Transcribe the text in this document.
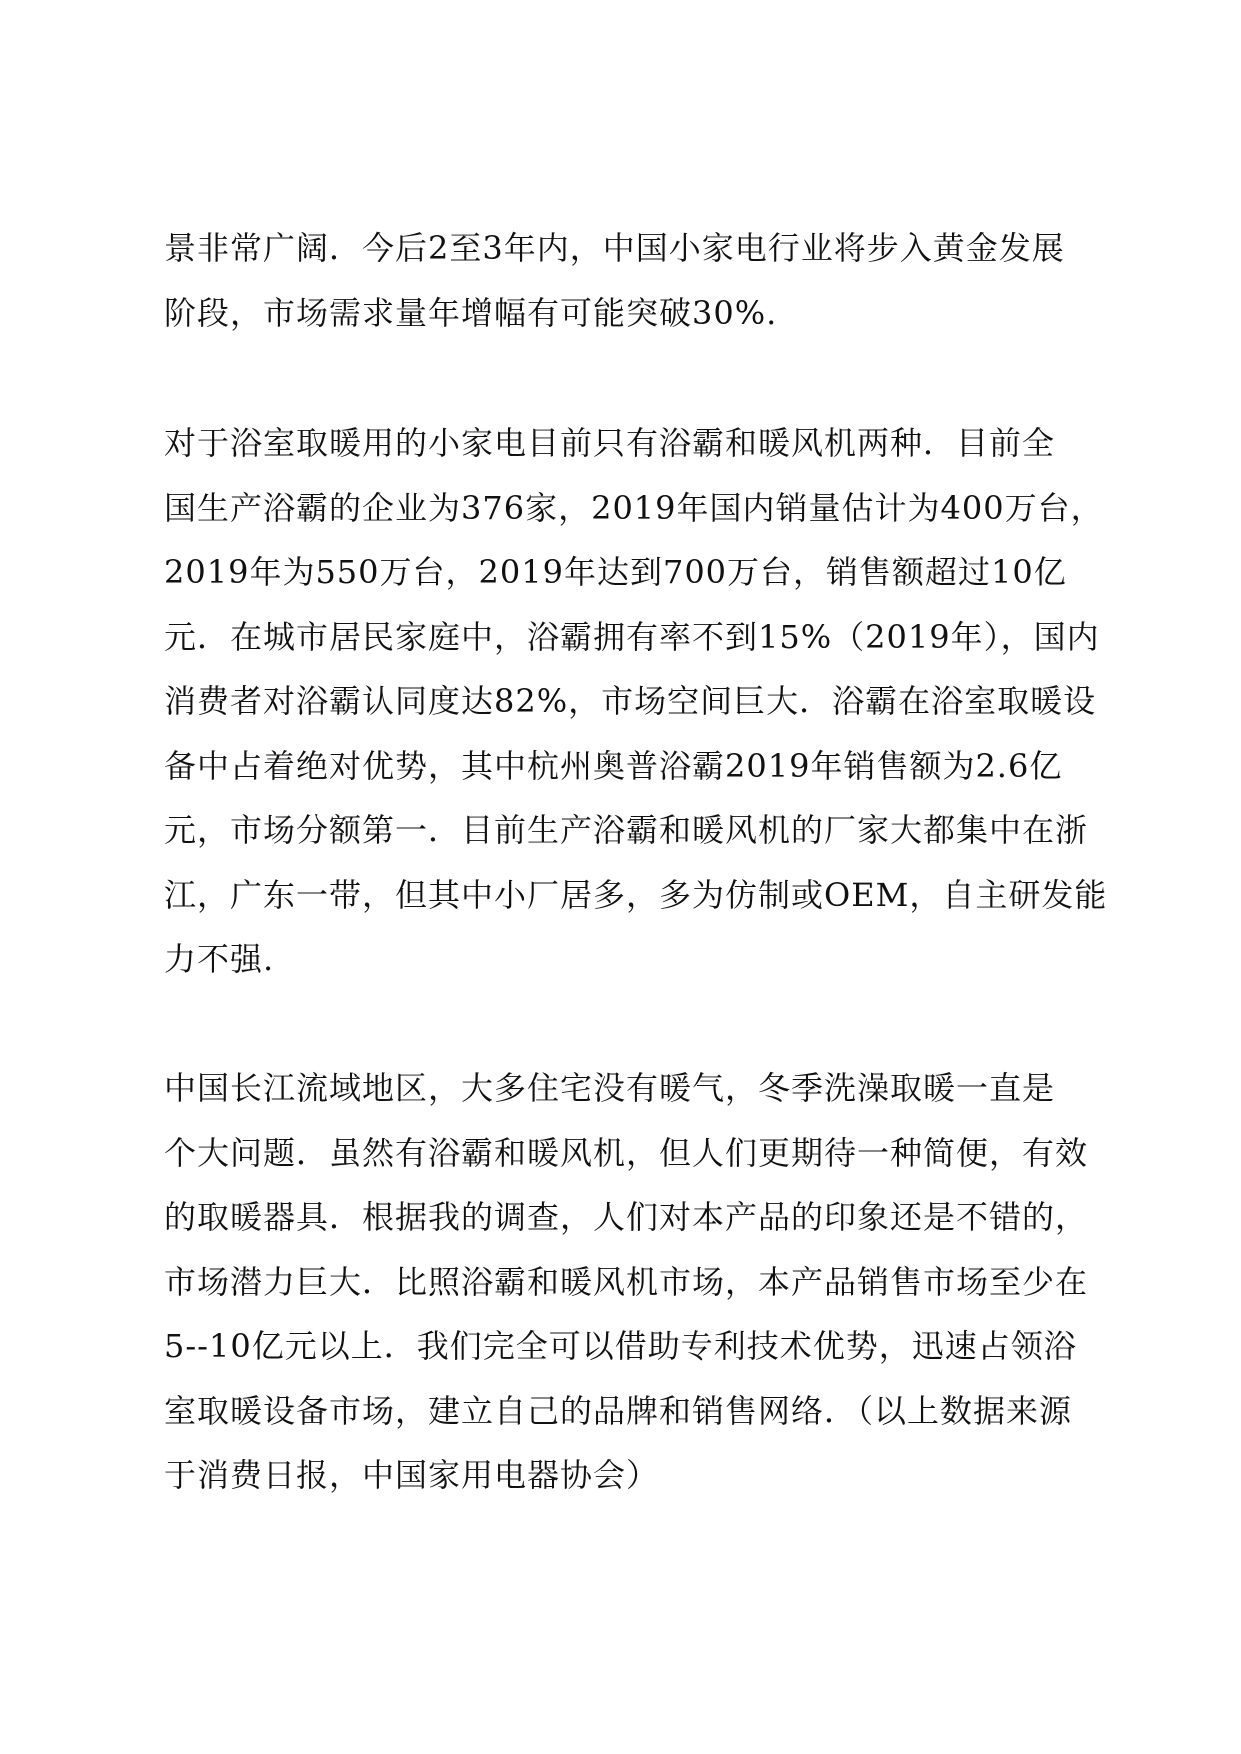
景非常广阔．今后2至3年内，中国小家电行业将步入黄金发展
阶段，市场需求量年增幅有可能突破30%.

对于浴室取暖用的小家电目前只有浴霸和暖风机两种．目前全
国生产浴霸的企业为376家，2019年国内销量估计为400万台，
2019年为550万台，2019年达到700万台，销售额超过10亿
元．在城市居民家庭中，浴霸拥有率不到15%（2019年），国内
消费者对浴霸认同度达82%，市场空间巨大．浴霸在浴室取暖设
备中占着绝对优势，其中杭州奥普浴霸2019年销售额为2.6亿
元，市场分额第一．目前生产浴霸和暖风机的厂家大都集中在浙
江，广东一带，但其中小厂居多，多为仿制或OEM，自主研发能
力不强.

中国长江流域地区，大多住宅没有暖气，冬季洗澡取暖一直是
个大问题．虽然有浴霸和暖风机，但人们更期待一种简便，有效
的取暖器具．根据我的调查，人们对本产品的印象还是不错的，
市场潜力巨大．比照浴霸和暖风机市场，本产品销售市场至少在
5--10亿元以上．我们完全可以借助专利技术优势，迅速占领浴
室取暖设备市场，建立自己的品牌和销售网络．（以上数据来源
于消费日报，中国家用电器协会）
